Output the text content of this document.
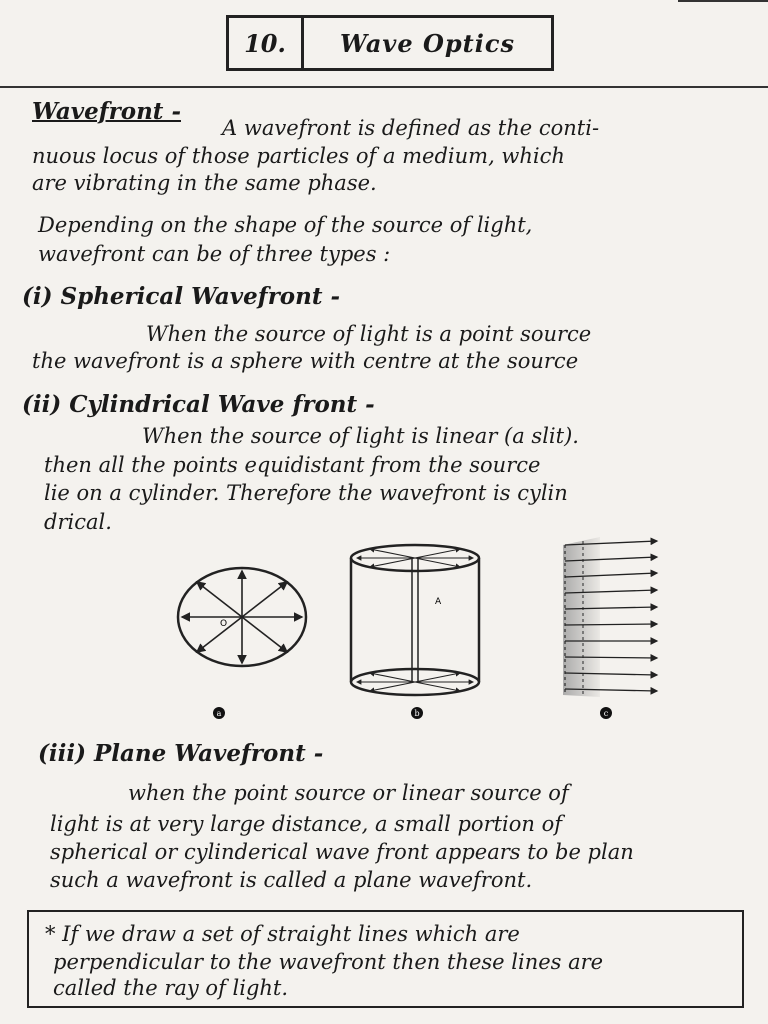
10.	Wave Optics
Wavefront -
A wavefront is defined as the conti-
nuous locus of those particles of a medium, which
are vibrating in the same phase.
Depending on the shape of the source of light,
wavefront can be of three types :
(i) Spherical Wavefront -
When the source of light is a point source
the wavefront is a sphere with centre at the source
(ii) Cylindrical Wave front -
When the source of light is linear (a slit).
then all the points equidistant from the source
lie on a cylinder. Therefore the wavefront is cylin
drical.
O
a
A
b	c
(iii) Plane Wavefront -
when the point source or linear source of
light is at very large distance, a small portion of
spherical or cylinderical wave front appears to be plan
such a wavefront is called a plane wavefront.
* If we draw a set of straight lines which are
perpendicular to the wavefront then these lines are
called the ray of light.
